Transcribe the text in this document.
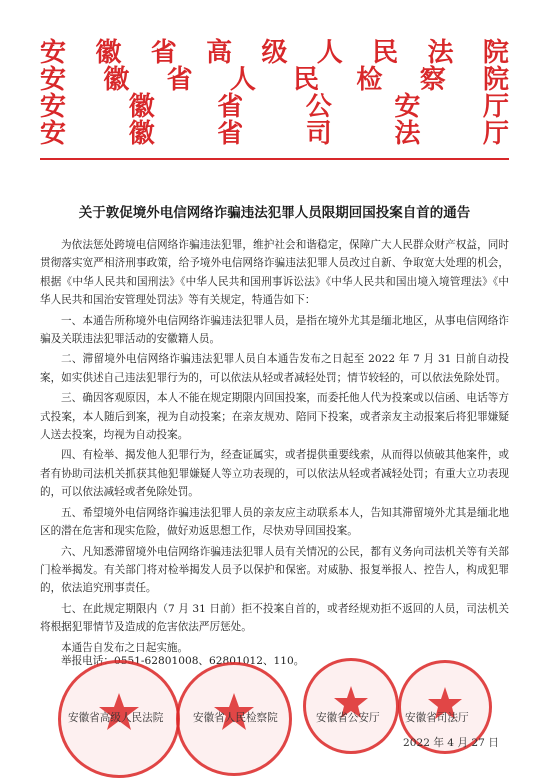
安 徽 省 高 级 人 民 法 院
安 徽 省 人 民 检 察 院
安 徽 省 公 安 厅
安 徽 省 司 法 厅
关于敦促境外电信网络诈骗违法犯罪人员限期回国投案自首的通告

为依法惩处跨境电信网络诈骗违法犯罪，维护社会和谐稳定，保障广大人民群众财产权益，同时贯彻落实宽严相济刑事政策，给予境外电信网络诈骗违法犯罪人员改过自新、争取宽大处理的机会，根据《中华人民共和国刑法》《中华人民共和国刑事诉讼法》《中华人民共和国出境入境管理法》《中华人民共和国治安管理处罚法》等有关规定，特通告如下：

一、本通告所称境外电信网络诈骗违法犯罪人员，是指在境外尤其是缅北地区，从事电信网络诈骗及关联违法犯罪活动的安徽籍人员。

二、滞留境外电信网络诈骗违法犯罪人员自本通告发布之日起至 2022 年 7 月 31 日前自动投案，如实供述自己违法犯罪行为的，可以依法从轻或者减轻处罚；情节较轻的，可以依法免除处罚。

三、确因客观原因，本人不能在规定期限内回国投案，而委托他人代为投案或以信函、电话等方式投案，本人随后到案，视为自动投案；在亲友规劝、陪同下投案，或者亲友主动报案后将犯罪嫌疑人送去投案，均视为自动投案。

四、有检举、揭发他人犯罪行为，经查证属实，或者提供重要线索，从而得以侦破其他案件，或者有协助司法机关抓获其他犯罪嫌疑人等立功表现的，可以依法从轻或者减轻处罚；有重大立功表现的，可以依法减轻或者免除处罚。

五、希望境外电信网络诈骗违法犯罪人员的亲友应主动联系本人，告知其滞留境外尤其是缅北地区的潜在危害和现实危险，做好劝返思想工作，尽快劝导回国投案。

六、凡知悉滞留境外电信网络诈骗违法犯罪人员有关情况的公民，都有义务向司法机关等有关部门检举揭发。有关部门将对检举揭发人员予以保护和保密。对威胁、报复举报人、控告人，构成犯罪的，依法追究刑事责任。

七、在此规定期限内（7 月 31 日前）拒不投案自首的，或者经规劝拒不返回的人员，司法机关将根据犯罪情节及造成的危害依法严厉惩处。

本通告自发布之日起实施。

举报电话：0551-62801008、62801012、110。
安徽省高级人民法院	安徽省人民检察院	安徽省公安厅 安徽省司法厅
2022 年 4 月 27 日
